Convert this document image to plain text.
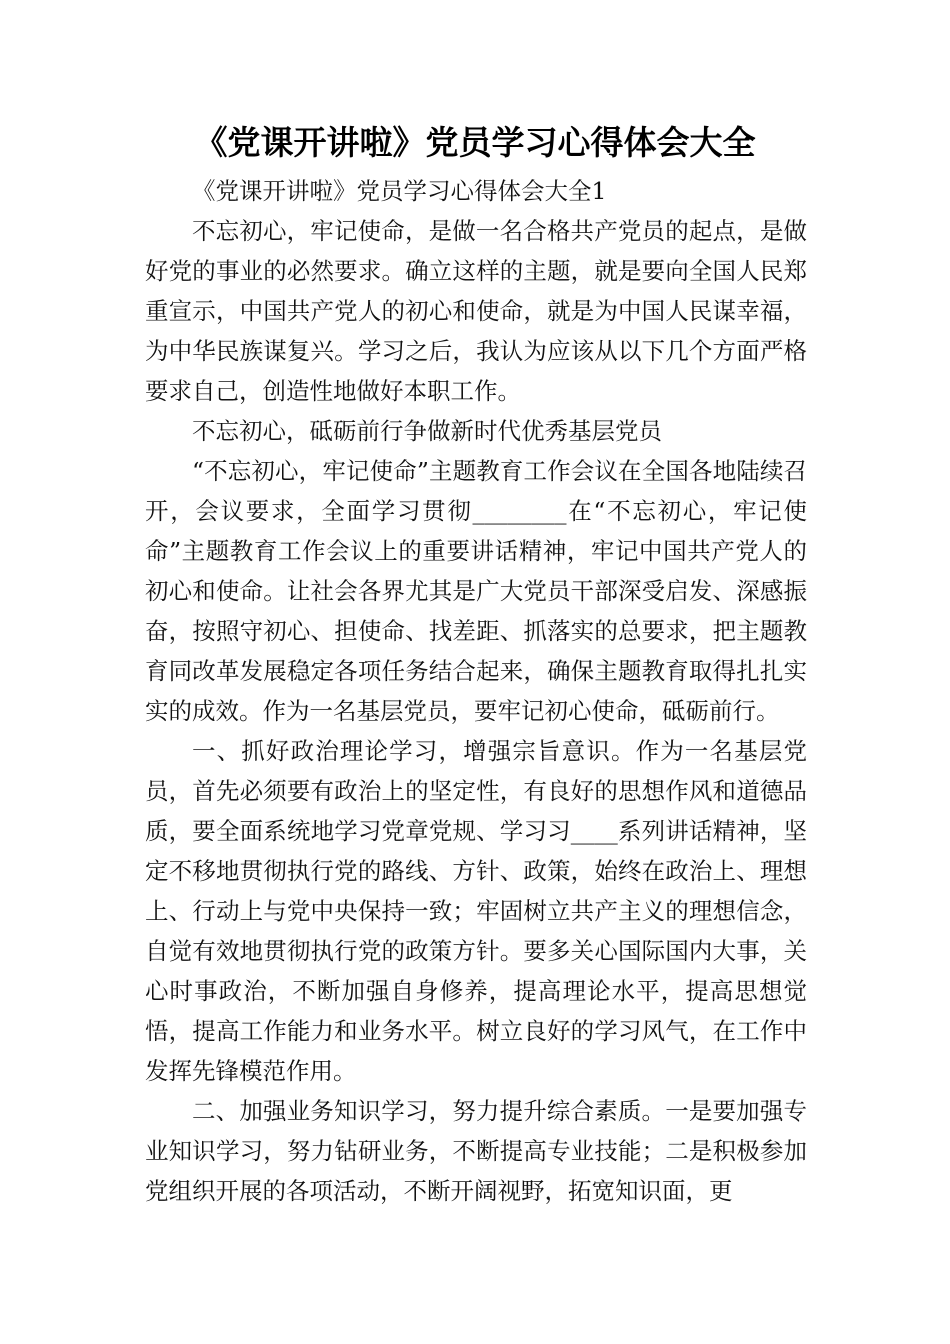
《党课开讲啦》党员学习心得体会大全

《党课开讲啦》党员学习心得体会大全1

不忘初心，牢记使命，是做一名合格共产党员的起点，是做好党的事业的必然要求。确立这样的主题，就是要向全国人民郑重宣示，中国共产党人的初心和使命，就是为中国人民谋幸福，为中华民族谋复兴。学习之后，我认为应该从以下几个方面严格要求自己，创造性地做好本职工作。

不忘初心，砥砺前行争做新时代优秀基层党员

“不忘初心，牢记使命”主题教育工作会议在全国各地陆续召开，会议要求，全面学习贯彻________在“不忘初心，牢记使命”主题教育工作会议上的重要讲话精神，牢记中国共产党人的初心和使命。让社会各界尤其是广大党员干部深受启发、深感振奋，按照守初心、担使命、找差距、抓落实的总要求，把主题教育同改革发展稳定各项任务结合起来，确保主题教育取得扎扎实实的成效。作为一名基层党员，要牢记初心使命，砥砺前行。

一、抓好政治理论学习，增强宗旨意识。作为一名基层党员，首先必须要有政治上的坚定性，有良好的思想作风和道德品质，要全面系统地学习党章党规、学习习____系列讲话精神，坚定不移地贯彻执行党的路线、方针、政策，始终在政治上、理想上、行动上与党中央保持一致；牢固树立共产主义的理想信念，自觉有效地贯彻执行党的政策方针。要多关心国际国内大事，关心时事政治，不断加强自身修养，提高理论水平，提高思想觉悟，提高工作能力和业务水平。树立良好的学习风气，在工作中发挥先锋模范作用。

二、加强业务知识学习，努力提升综合素质。一是要加强专业知识学习，努力钻研业务，不断提高专业技能；二是积极参加党组织开展的各项活动，不断开阔视野，拓宽知识面，更
